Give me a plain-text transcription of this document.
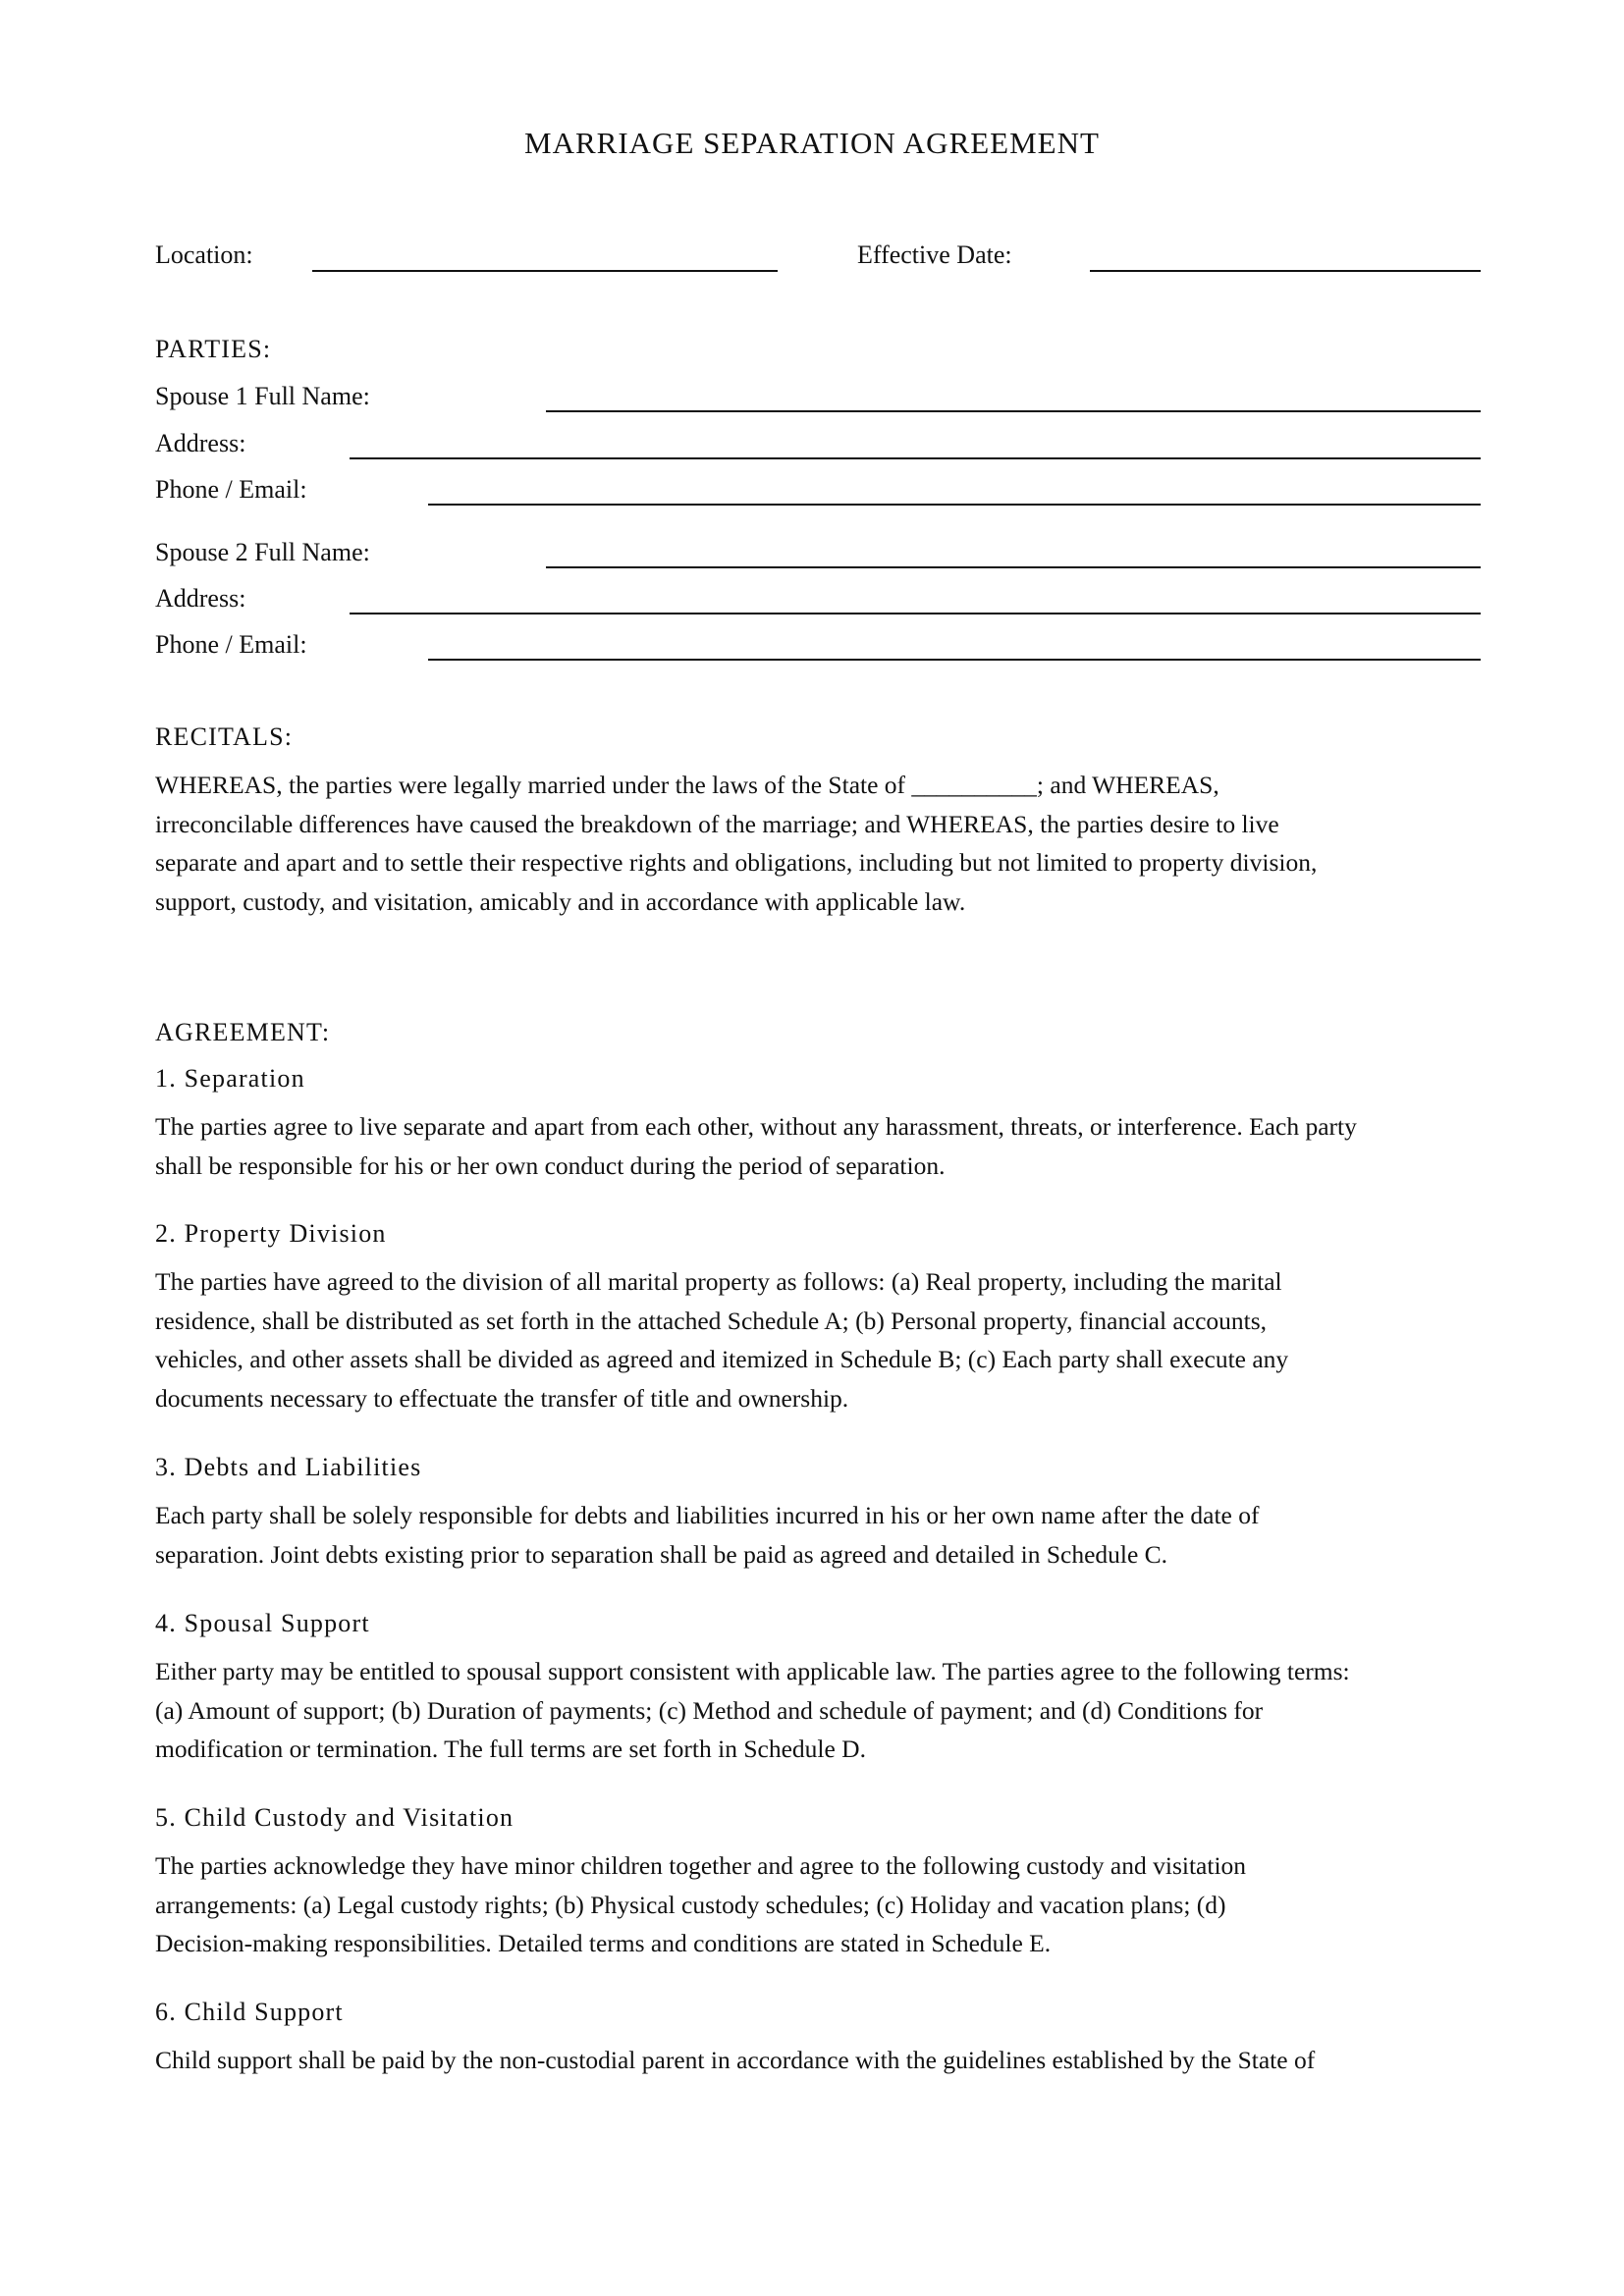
MARRIAGE SEPARATION AGREEMENT
Location:	Effective Date:
PARTIES:
Spouse 1 Full Name:
Address:
Phone / Email:
Spouse 2 Full Name:
Address:
Phone / Email:
RECITALS:

WHEREAS, the parties were legally married under the laws of the State of __________; and WHEREAS,
irreconcilable differences have caused the breakdown of the marriage; and WHEREAS, the parties desire to live
separate and apart and to settle their respective rights and obligations, including but not limited to property division,
support, custody, and visitation, amicably and in accordance with applicable law.

AGREEMENT:
1. Separation

The parties agree to live separate and apart from each other, without any harassment, threats, or interference. Each party
shall be responsible for his or her own conduct during the period of separation.

2. Property Division

The parties have agreed to the division of all marital property as follows: (a) Real property, including the marital
residence, shall be distributed as set forth in the attached Schedule A; (b) Personal property, financial accounts,
vehicles, and other assets shall be divided as agreed and itemized in Schedule B; (c) Each party shall execute any
documents necessary to effectuate the transfer of title and ownership.

3. Debts and Liabilities

Each party shall be solely responsible for debts and liabilities incurred in his or her own name after the date of
separation. Joint debts existing prior to separation shall be paid as agreed and detailed in Schedule C.

4. Spousal Support

Either party may be entitled to spousal support consistent with applicable law. The parties agree to the following terms:
(a) Amount of support; (b) Duration of payments; (c) Method and schedule of payment; and (d) Conditions for
modification or termination. The full terms are set forth in Schedule D.

5. Child Custody and Visitation

The parties acknowledge they have minor children together and agree to the following custody and visitation
arrangements: (a) Legal custody rights; (b) Physical custody schedules; (c) Holiday and vacation plans; (d)
Decision-making responsibilities. Detailed terms and conditions are stated in Schedule E.

6. Child Support

Child support shall be paid by the non-custodial parent in accordance with the guidelines established by the State of
